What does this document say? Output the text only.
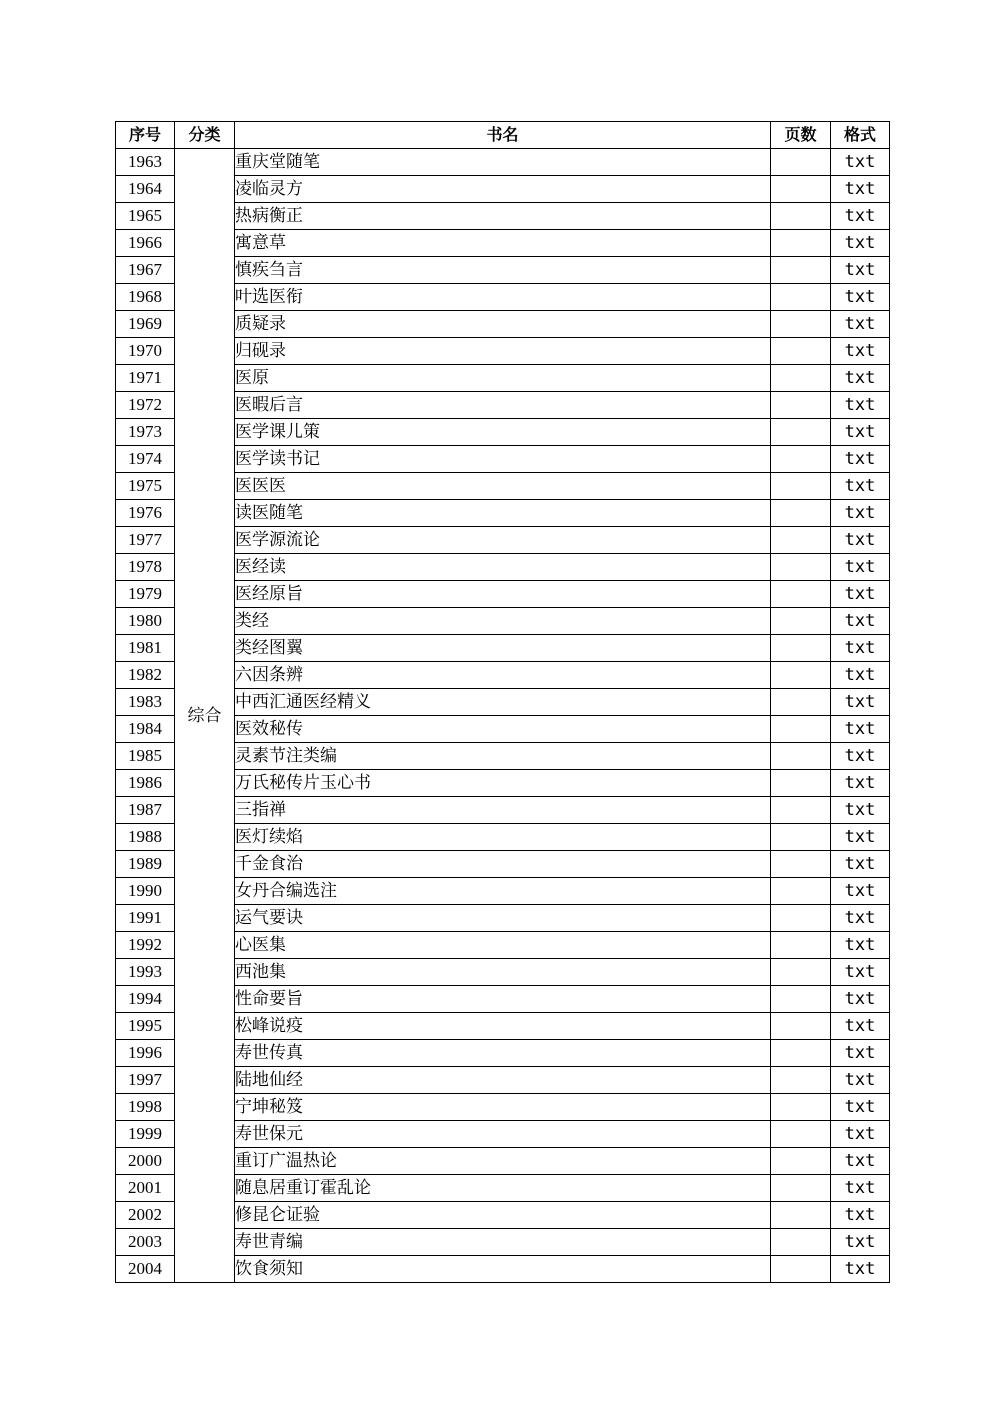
序号	分类	书名	页数	格式
1963	综合	重庆堂随笔		txt
1964		凌临灵方		txt
1965		热病衡正		txt
1966		寓意草		txt
1967		慎疾刍言		txt
1968		叶选医衔		txt
1969		质疑录		txt
1970		归砚录		txt
1971		医原		txt
1972		医暇后言		txt
1973		医学课儿策		txt
1974		医学读书记		txt
1975		医医医		txt
1976		读医随笔		txt
1977		医学源流论		txt
1978		医经读		txt
1979		医经原旨		txt
1980		类经		txt
1981		类经图翼		txt
1982		六因条辨		txt
1983		中西汇通医经精义		txt
1984		医效秘传		txt
1985		灵素节注类编		txt
1986		万氏秘传片玉心书		txt
1987		三指禅		txt
1988		医灯续焰		txt
1989		千金食治		txt
1990		女丹合编选注		txt
1991		运气要诀		txt
1992		心医集		txt
1993		西池集		txt
1994		性命要旨		txt
1995		松峰说疫		txt
1996		寿世传真		txt
1997		陆地仙经		txt
1998		宁坤秘笈		txt
1999		寿世保元		txt
2000		重订广温热论		txt
2001		随息居重订霍乱论		txt
2002		修昆仑证验		txt
2003		寿世青编		txt
2004		饮食须知		txt
